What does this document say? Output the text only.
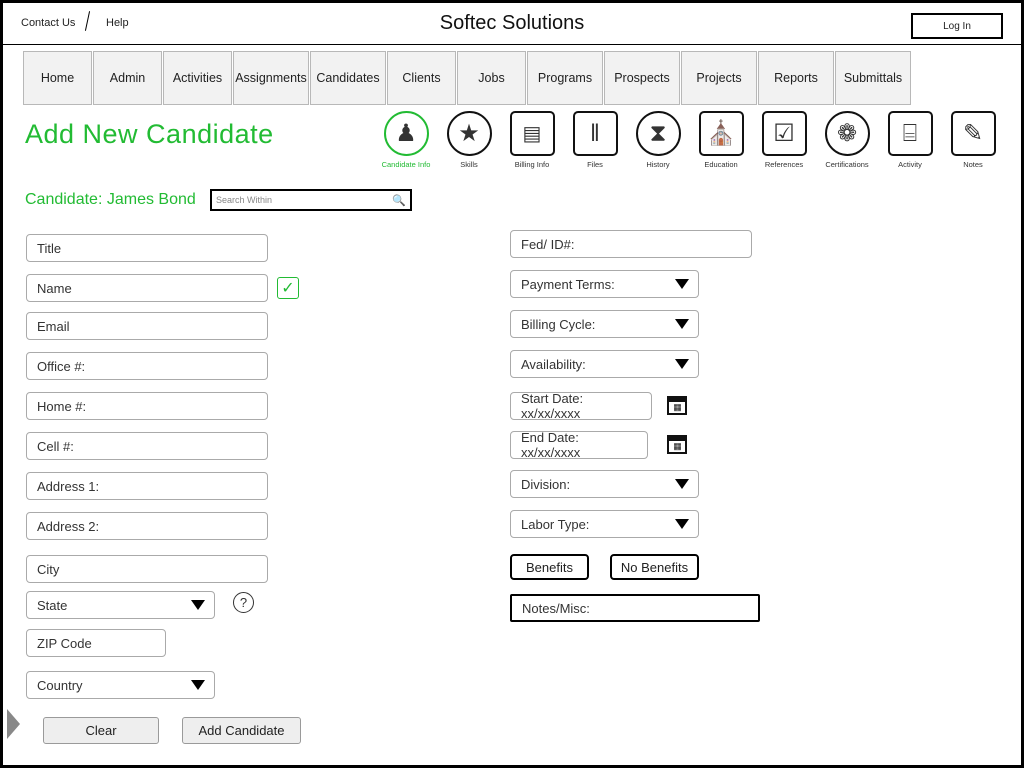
Contact Us	Help	Softec Solutions	Log In
Home	Admin	Activities	Assignments Candidates	Clients	Jobs	Programs	Prospects	Projects	Reports	Submittals
Add New Candidate	♟
Candidate Info
★
Skills
▤
Billing Info
‖
Files
⧗
History
⛪
Education
☑
References
❁
Certifications
⌸
Activity
✎
Notes
Candidate: James Bond Search Within	🔍
Title
Name	✓
Email
Office #:
Home #:
Cell #:
Address 1:
Address 2:
City
State	?
ZIP Code
Country
Fed/ ID#:
Payment Terms:
Billing Cycle:
Availability:
Start Date: xx/xx/xxxx	▦
End Date: xx/xx/xxxx	▦
Division:
Labor Type:
Benefits	No Benefits
Notes/Misc:
Clear	Add Candidate
